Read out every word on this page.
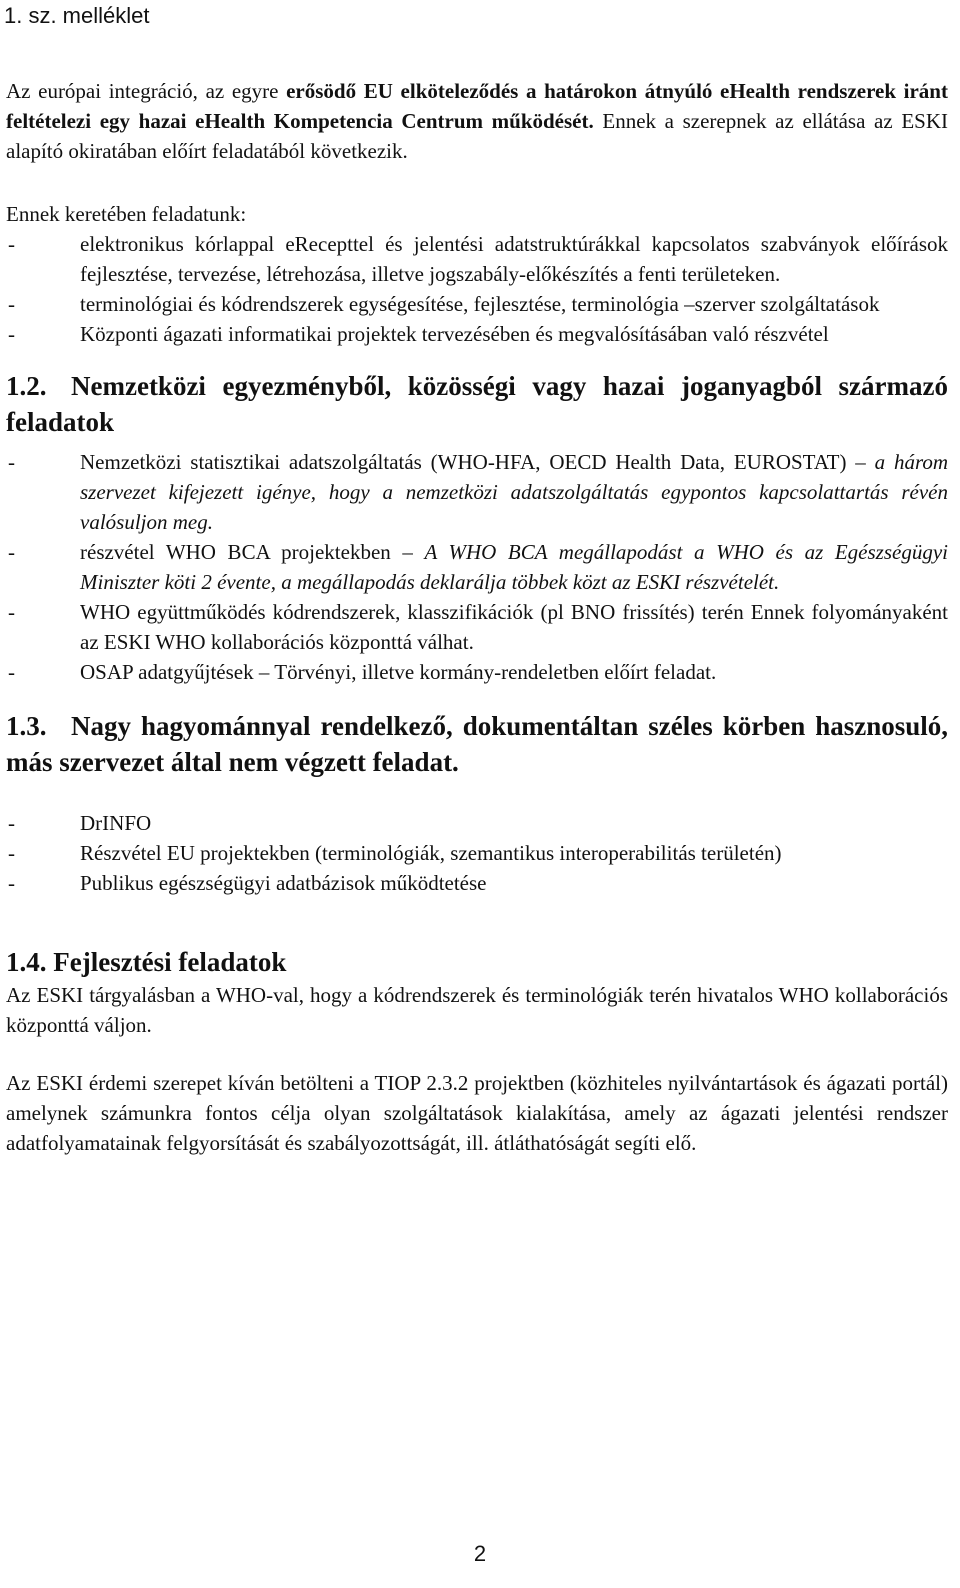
1. sz. melléklet

Az európai integráció, az egyre erősödő EU elköteleződés a határokon átnyúló eHealth rendszerek iránt feltételezi egy hazai eHealth Kompetencia Centrum működését. Ennek a szerepnek az ellátása az ESKI alapító okiratában előírt feladatából következik.

Ennek keretében feladatunk:

- elektronikus kórlappal eRecepttel és jelentési adatstruktúrákkal kapcsolatos szabványok előírások fejlesztése, tervezése, létrehozása, illetve jogszabály-előkészítés a fenti területeken.
- terminológiai és kódrendszerek egységesítése, fejlesztése, terminológia –szerver szolgáltatások
- Központi ágazati informatikai projektek tervezésében és megvalósításában való részvétel
1.2. Nemzetközi egyezményből, közösségi vagy hazai joganyagból származó feladatok
- Nemzetközi statisztikai adatszolgáltatás (WHO-HFA, OECD Health Data, EUROSTAT) – a három szervezet kifejezett igénye, hogy a nemzetközi adatszolgáltatás egypontos kapcsolattartás révén valósuljon meg.
- részvétel WHO BCA projektekben – A WHO BCA megállapodást a WHO és az Egészségügyi Miniszter köti 2 évente, a megállapodás deklarálja többek közt az ESKI részvételét.
- WHO együttműködés kódrendszerek, klasszifikációk (pl BNO frissítés) terén Ennek folyományaként az ESKI WHO kollaborációs központtá válhat.
- OSAP adatgyűjtések – Törvényi, illetve kormány-rendeletben előírt feladat.
1.3. Nagy hagyománnyal rendelkező, dokumentáltan széles körben hasznosuló, más szervezet által nem végzett feladat.
- DrINFO
- Részvétel EU projektekben (terminológiák, szemantikus interoperabilitás területén)
- Publikus egészségügyi adatbázisok működtetése
1.4. Fejlesztési feladatok

Az ESKI tárgyalásban a WHO-val, hogy a kódrendszerek és terminológiák terén hivatalos WHO kollaborációs központtá váljon.

Az ESKI érdemi szerepet kíván betölteni a TIOP 2.3.2 projektben (közhiteles nyilvántartások és ágazati portál) amelynek számunkra fontos célja olyan szolgáltatások kialakítása, amely az ágazati jelentési rendszer adatfolyamatainak felgyorsítását és szabályozottságát, ill. átláthatóságát segíti elő.

2
